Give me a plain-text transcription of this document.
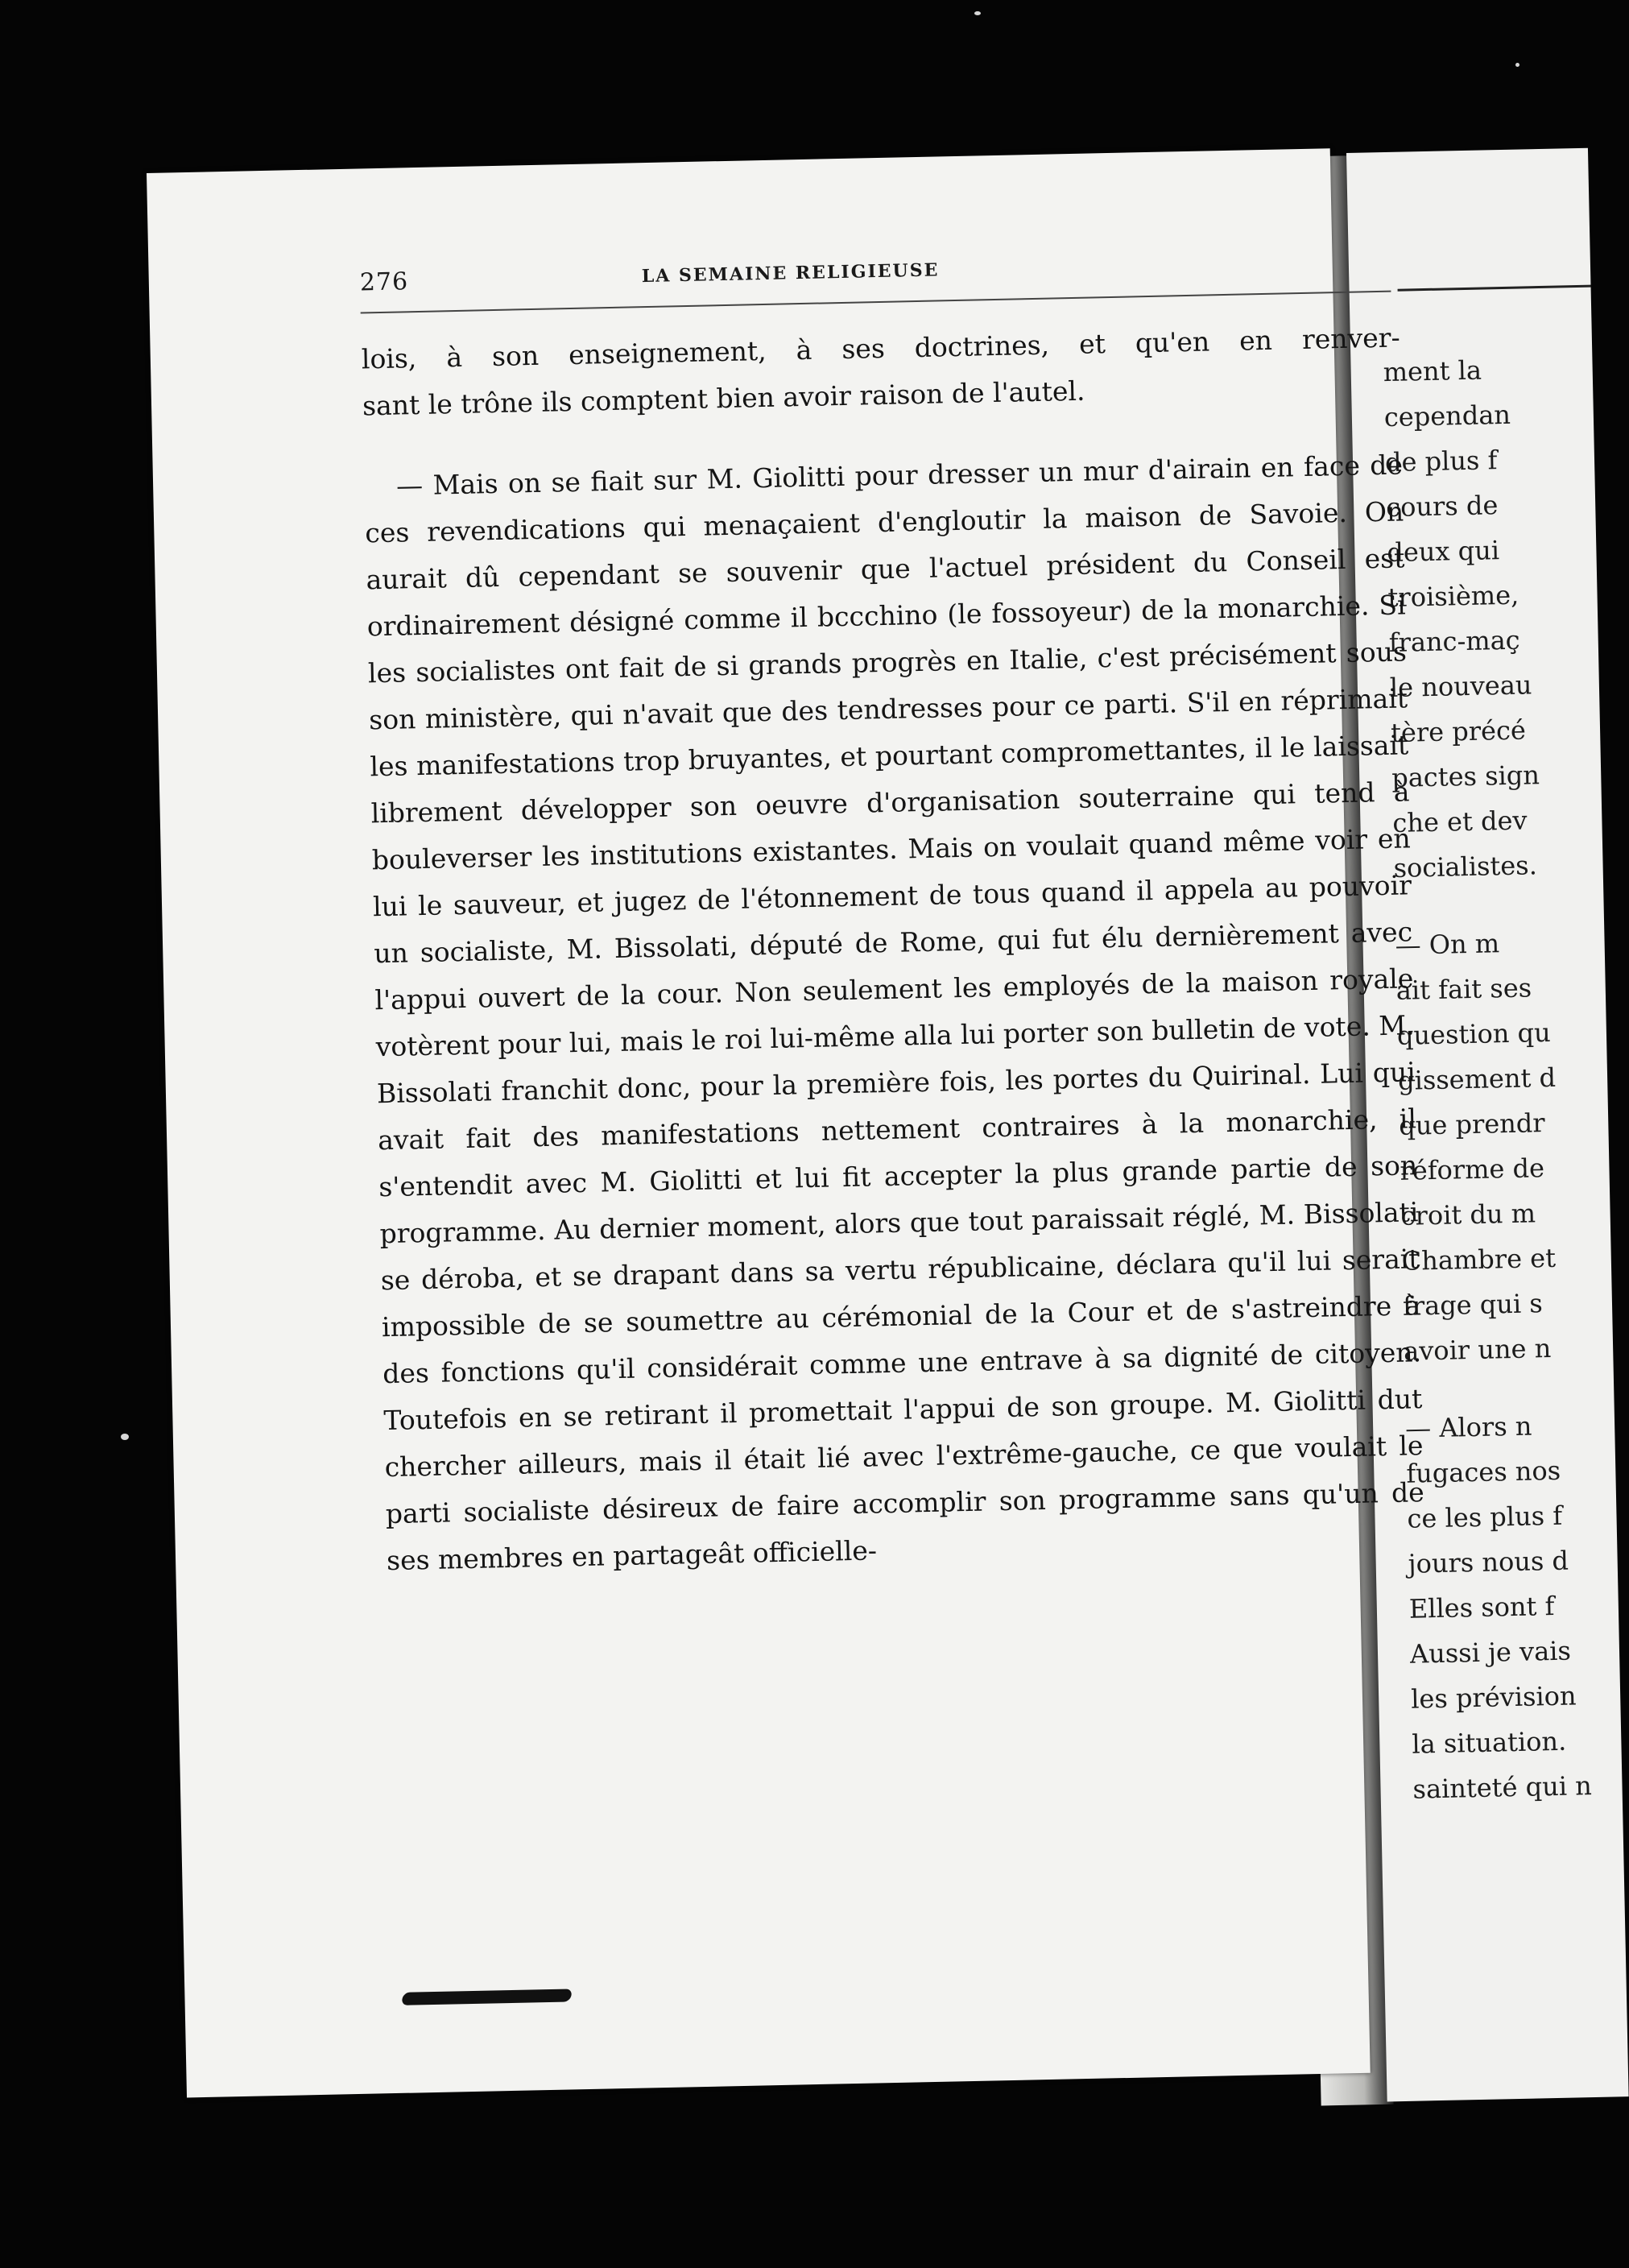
ment la
cependan
de plus f
cours de
deux qui
troisième,
franc-maç
le nouveau
tère précé
pactes sign
che et dev
socialistes.
— On m
ait fait ses
question qu
gissement d
que prendr
réforme de
croit du m
Chambre et
frage qui s
avoir une n
— Alors n
fugaces nos
ce les plus f
jours nous d
Elles sont f
Aussi je vais
les prévision
la situation.
sainteté qui n
276	LA SEMAINE RELIGIEUSE

lois, à son enseignement, à ses doctrines, et qu'en en renver-

sant le trône ils comptent bien avoir raison de l'autel.

— Mais on se fiait sur M. Giolitti pour dresser un mur d'airain en face de ces revendications qui menaçaient d'engloutir la maison de Savoie. On aurait dû cependant se souvenir que l'actuel président du Conseil est ordinairement désigné comme il bccchino (le fossoyeur) de la monarchie. Si les socialistes ont fait de si grands progrès en Italie, c'est précisément sous son ministère, qui n'avait que des tendresses pour ce parti. S'il en réprimait les manifestations trop bruyantes, et pourtant compromettantes, il le laissait librement développer son oeuvre d'organisation souterraine qui tend à bouleverser les institutions existantes. Mais on voulait quand même voir en lui le sauveur, et jugez de l'étonnement de tous quand il appela au pouvoir un socialiste, M. Bissolati, député de Rome, qui fut élu dernièrement avec l'appui ouvert de la cour. Non seulement les employés de la maison royale votèrent pour lui, mais le roi lui-même alla lui porter son bulletin de vote. M. Bissolati franchit donc, pour la première fois, les portes du Quirinal. Lui qui avait fait des manifestations nettement contraires à la monarchie, il s'entendit avec M. Giolitti et lui fit accepter la plus grande partie de son programme. Au dernier moment, alors que tout paraissait réglé, M. Bissolati se déroba, et se drapant dans sa vertu républicaine, déclara qu'il lui serait impossible de se soumettre au cérémonial de la Cour et de s'astreindre à des fonctions qu'il considérait comme une entrave à sa dignité de citoyen. Toutefois en se retirant il promettait l'appui de son groupe. M. Giolitti dut chercher ailleurs, mais il était lié avec l'extrême-gauche, ce que voulait le parti socialiste désireux de faire accomplir son programme sans qu'un de ses membres en partageât officielle-
